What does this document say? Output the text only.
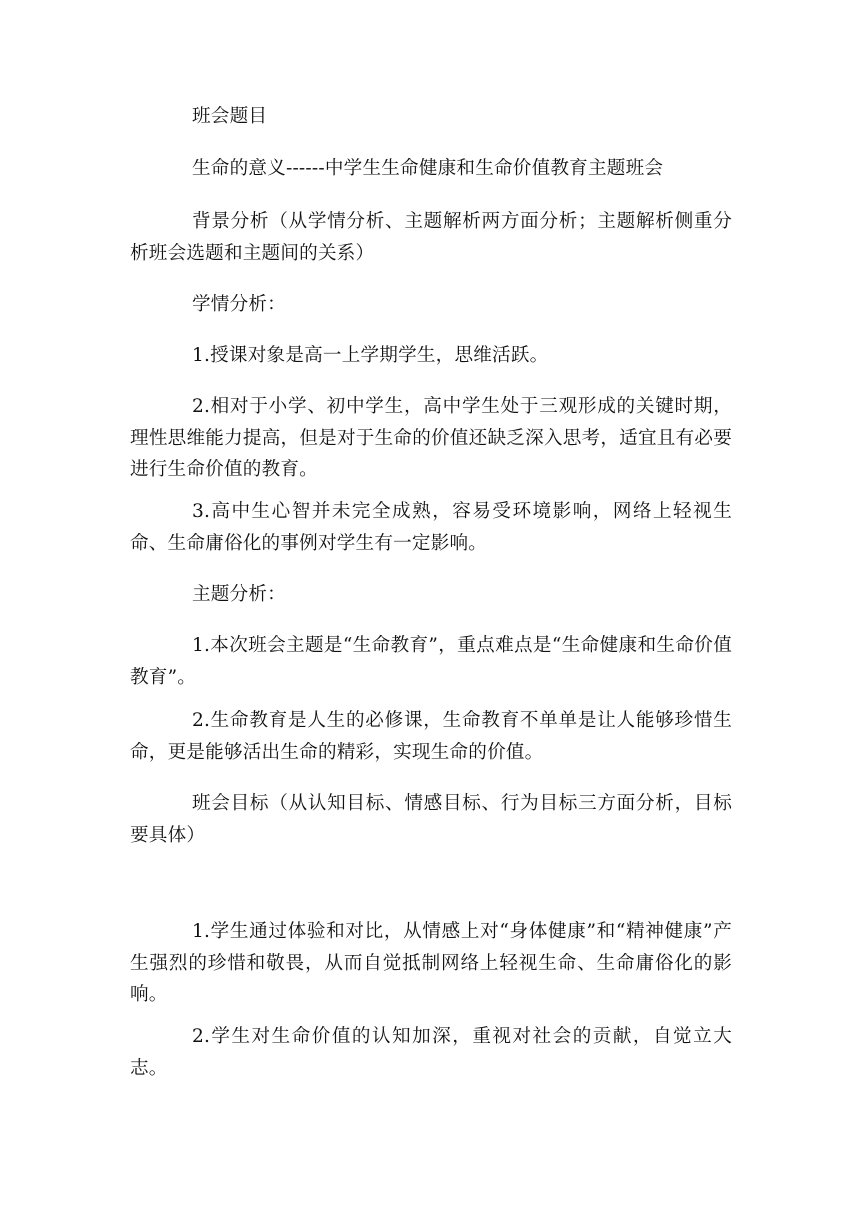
班会题目

生命的意义------中学生生命健康和生命价值教育主题班会

背景分析（从学情分析、主题解析两方面分析；主题解析侧重分析班会选题和主题间的关系）

学情分析：

1.授课对象是高一上学期学生，思维活跃。

2.相对于小学、初中学生，高中学生处于三观形成的关键时期，理性思维能力提高，但是对于生命的价值还缺乏深入思考，适宜且有必要进行生命价值的教育。

3.高中生心智并未完全成熟，容易受环境影响，网络上轻视生命、生命庸俗化的事例对学生有一定影响。

主题分析：

1.本次班会主题是“生命教育”，重点难点是“生命健康和生命价值教育”。

2.生命教育是人生的必修课，生命教育不单单是让人能够珍惜生命，更是能够活出生命的精彩，实现生命的价值。

班会目标（从认知目标、情感目标、行为目标三方面分析，目标要具体）

1.学生通过体验和对比，从情感上对“身体健康”和“精神健康”产生强烈的珍惜和敬畏，从而自觉抵制网络上轻视生命、生命庸俗化的影响。

2.学生对生命价值的认知加深，重视对社会的贡献，自觉立大志。
